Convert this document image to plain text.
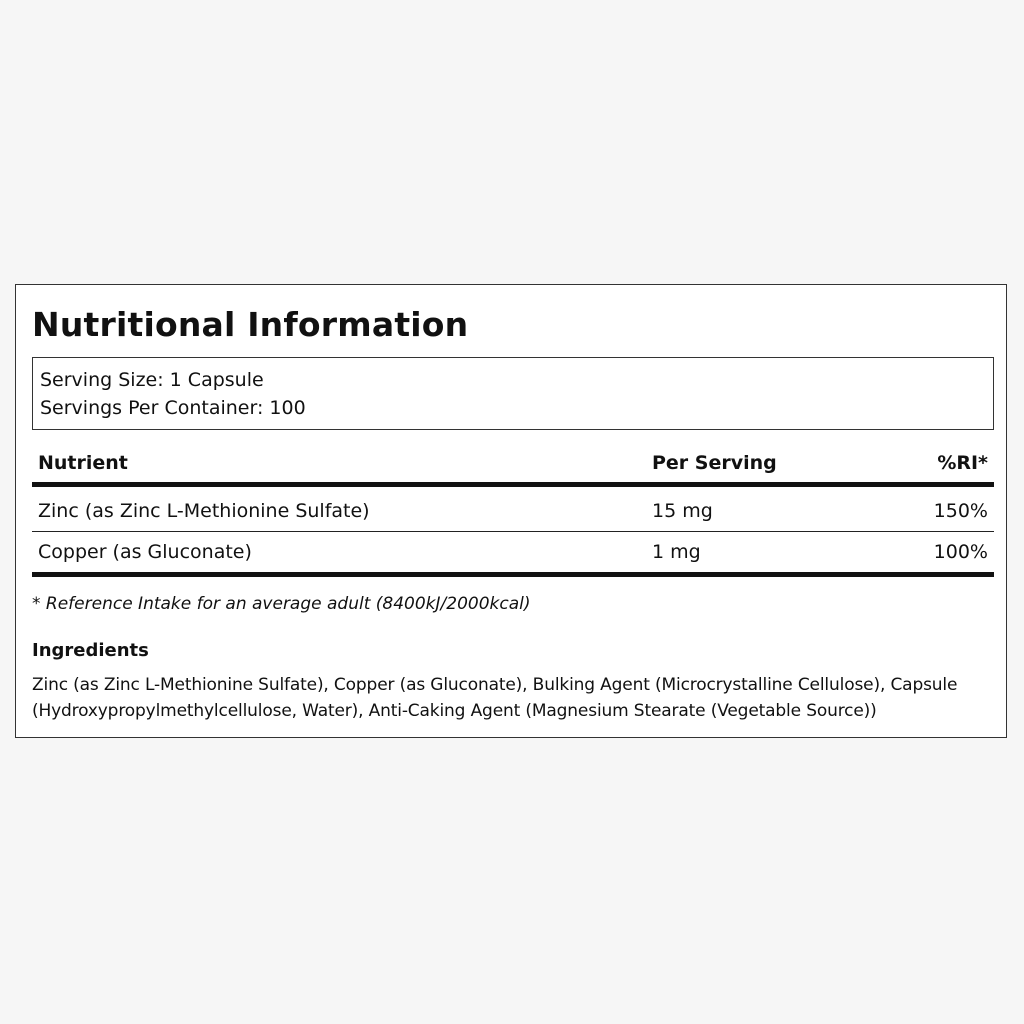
Nutritional Information
Serving Size: 1 Capsule
Servings Per Container: 100
Nutrient	Per Serving	%RI*
Zinc (as Zinc L-Methionine Sulfate)	15 mg	150%
Copper (as Gluconate)	1 mg	100%
* Reference Intake for an average adult (8400kJ/2000kcal)
Ingredients
Zinc (as Zinc L-Methionine Sulfate), Copper (as Gluconate), Bulking Agent (Microcrystalline Cellulose), Capsule (Hydroxypropylmethylcellulose, Water), Anti-Caking Agent (Magnesium Stearate (Vegetable Source))
